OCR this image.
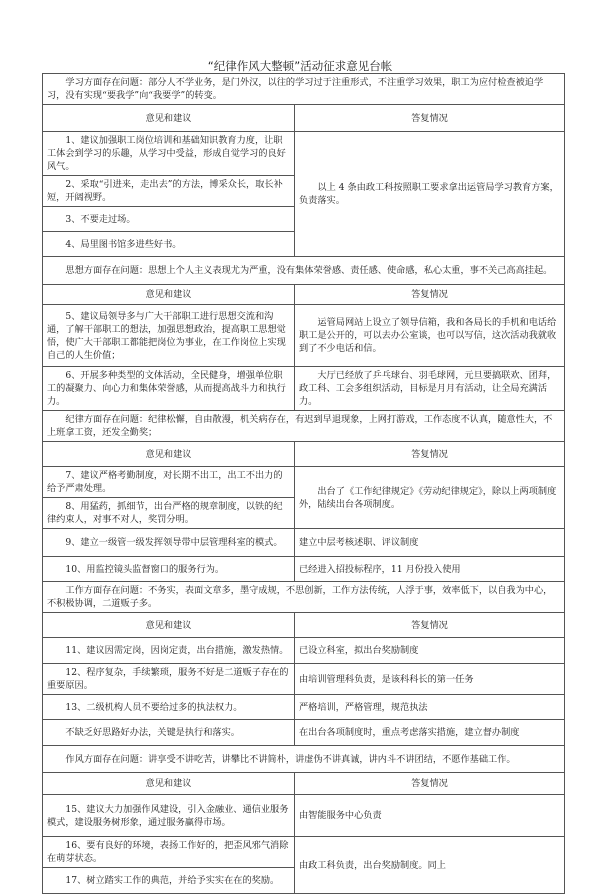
“纪律作风大整顿”活动征求意见台帐
学习方面存在问题：部分人不学业务，是门外汉，以往的学习过于注重形式，不注重学习效果，职工为应付检查被迫学习，没有实现“要我学”向“我要学”的转变。	
意见和建议	答复情况
1、建议加强职工岗位培训和基础知识教育力度，让职工体会到学习的乐趣，从学习中受益，形成自觉学习的良好风气。	以上 4 条由政工科按照职工要求拿出运管局学习教育方案，负责落实。
2、采取“引进来，走出去”的方法，博采众长，取长补短，开阔视野。	
3、不要走过场。	
4、局里图书馆多进些好书。	
思想方面存在问题：思想上个人主义表现尤为严重，没有集体荣誉感、责任感、使命感，私心太重，事不关己高高挂起。	
意见和建议	答复情况
5、建议局领导多与广大干部职工进行思想交流和沟通，了解干部职工的想法，加强思想政治，提高职工思想觉悟，使广大干部职工都能把岗位为事业，在工作岗位上实现自己的人生价值；	运管局网站上设立了领导信箱，我和各局长的手机和电话给职工是公开的，可以去办公室谈，也可以写信，这次活动我就收到了不少电话和信。
6、开展多种类型的文体活动，全民健身，增强单位职工的凝聚力、向心力和集体荣誉感，从而提高战斗力和执行力。	大厅已经放了乒乓球台、羽毛球网，元旦要搞联欢、团拜，政工科、工会多组织活动，目标是月月有活动，让全局充满活力。
纪律方面存在问题：纪律松懈，自由散漫，机关病存在，有迟到早退现象，上网打游戏，工作态度不认真，随意性大，不上班拿工资，还发全勤奖；	
意见和建议	答复情况
7、建议严格考勤制度，对长期不出工，出工不出力的给予严肃处理。	出台了《工作纪律规定》《劳动纪律规定》，除以上两项制度外，陆续出台各项制度。
8、用猛药，抓细节，出台严格的规章制度，以铁的纪律约束人，对事不对人，奖罚分明。	
9、建立一级管一级发挥领导带中层管理科室的模式。	建立中层考核述职、评议制度
10、用监控镜头监督窗口的服务行为。	已经进入招投标程序，11 月份投入使用
工作方面存在问题：不务实，表面文章多，墨守成规，不思创新，工作方法传统，人浮于事，效率低下，以自我为中心，不积极协调，二道贩子多。	
意见和建议	答复情况
11、建议因需定岗，因岗定责，出台措施，激发热情。	已设立科室，拟出台奖励制度
12、程序复杂，手续繁琐，服务不好是二道贩子存在的重要原因。	由培训管理科负责，是该科科长的第一任务
13、二级机构人员不要给过多的执法权力。	严格培训，严格管理，规范执法
不缺乏好思路好办法，关键是执行和落实。	在出台各项制度时，重点考虑落实措施，建立督办制度
作风方面存在问题：讲享受不讲吃苦，讲攀比不讲简朴，讲虚伪不讲真诚，讲内斗不讲团结，不愿作基础工作。	
意见和建议	答复情况
15、建议大力加强作风建设，引入金融业、通信业服务模式，建设服务树形象，通过服务赢得市场。	由智能服务中心负责
16、要有良好的环境，表扬工作好的，把歪风邪气消除在萌芽状态。	由政工科负责，出台奖励制度。同上
17、树立踏实工作的典范，并给予实实在在的奖励。	
